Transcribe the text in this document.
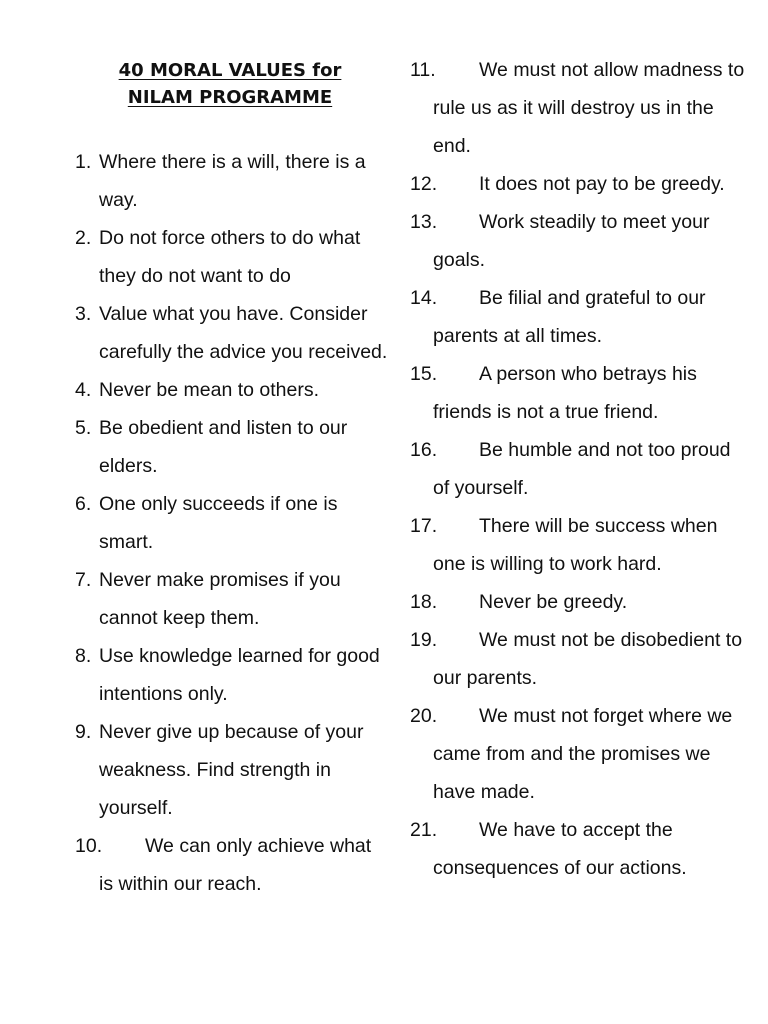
40 MORAL VALUES for
NILAM PROGRAMME
1. Where there is a will, there is a way.
2. Do not force others to do what they do not want to do
3. Value what you have. Consider carefully the advice you received.
4. Never be mean to others.
5. Be obedient and listen to our elders.
6. One only succeeds if one is smart.
7. Never make promises if you cannot keep them.
8. Use knowledge learned for good intentions only.
9. Never give up because of your weakness. Find strength in yourself.
10. We can only achieve what is within our reach.
11. We must not allow madness to rule us as it will destroy us in the end.
12. It does not pay to be greedy.
13. Work steadily to meet your goals.
14. Be filial and grateful to our parents at all times.
15. A person who betrays his friends is not a true friend.
16. Be humble and not too proud of yourself.
17. There will be success when one is willing to work hard.
18. Never be greedy.
19. We must not be disobedient to our parents.
20. We must not forget where we came from and the promises we have made.
21. We have to accept the consequences of our actions.
